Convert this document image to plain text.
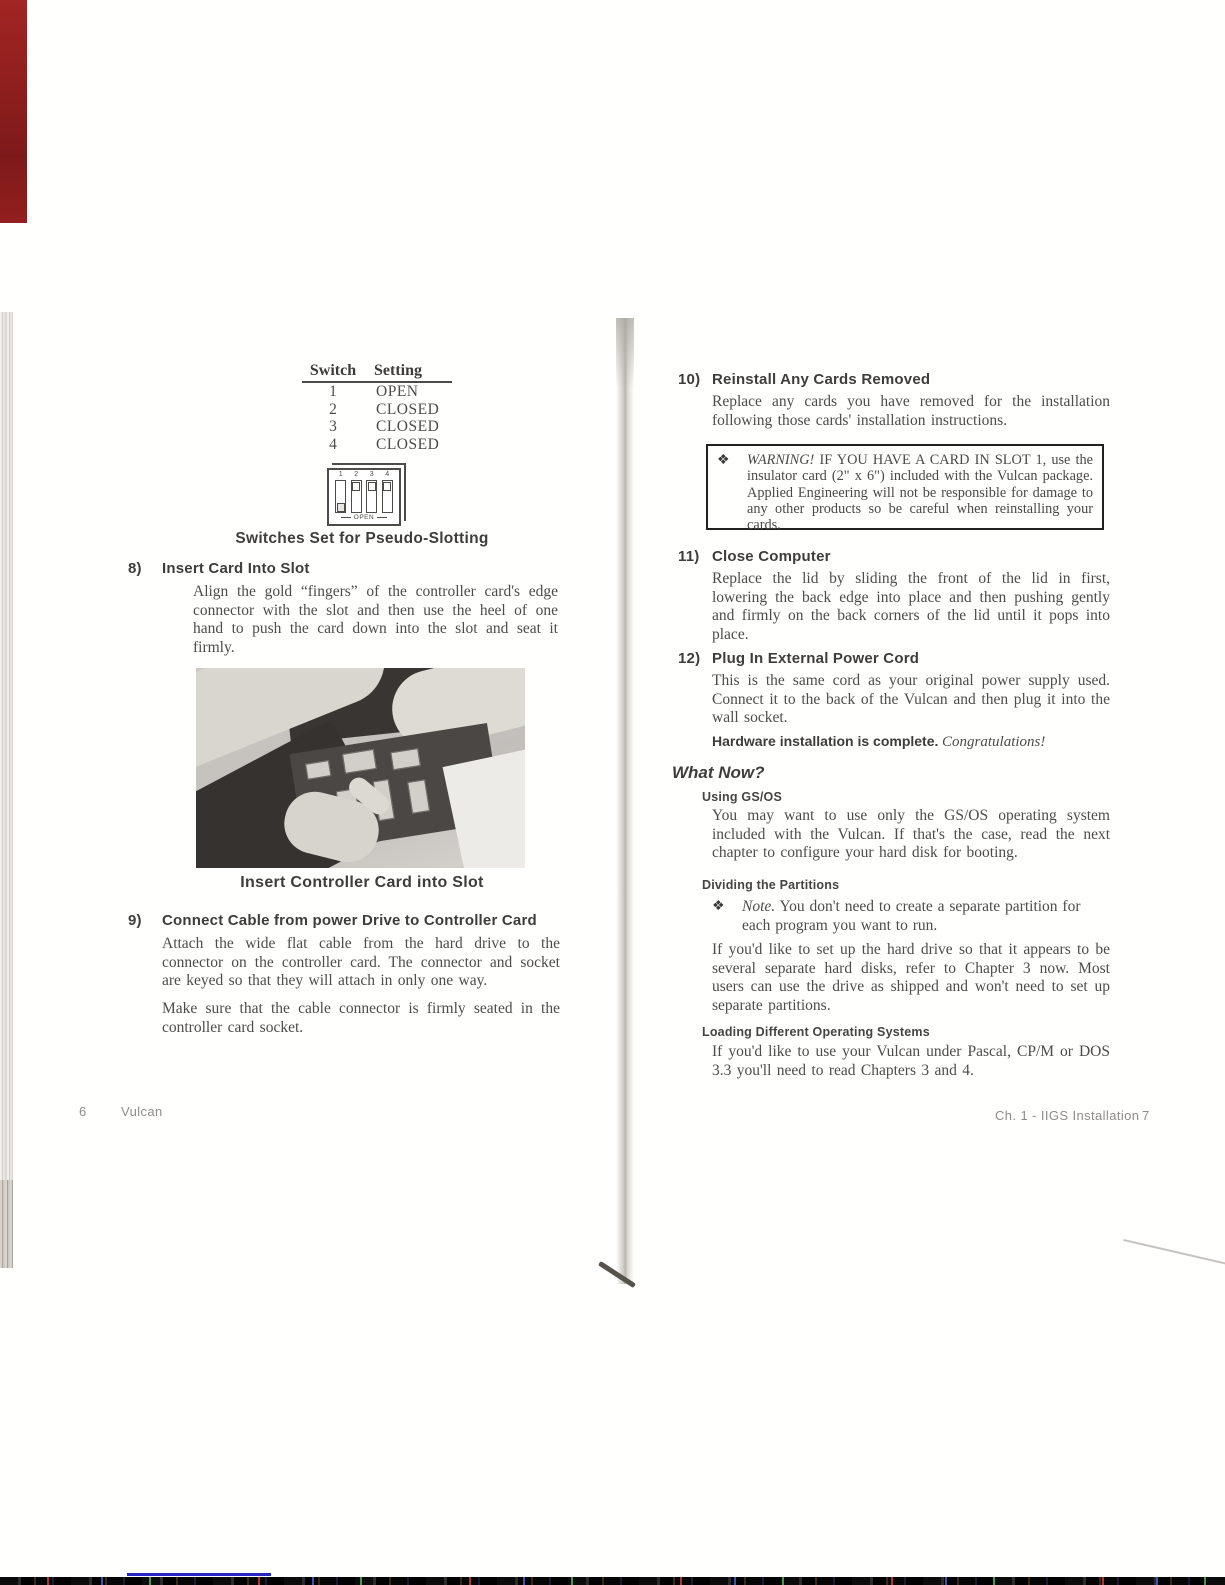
Switch	Setting
1	OPEN
2	CLOSED
3	CLOSED
4	CLOSED
1 2 3 4
OPEN
Switches Set for Pseudo-Slotting
8)	Insert Card Into Slot
Align the gold “fingers” of the controller card's edge connector with the slot and then use the heel of one hand to push the card down into the slot and seat it firmly.
Insert Controller Card into Slot
9)	Connect Cable from power Drive to Controller Card
Attach the wide flat cable from the hard drive to the connector on the controller card. The connector and socket are keyed so that they will attach in only one way.
Make sure that the cable connector is firmly seated in the controller card socket.
6	Vulcan
10) Reinstall Any Cards Removed
Replace any cards you have removed for the installation following those cards' installation instructions.
❖	WARNING! IF YOU HAVE A CARD IN SLOT 1, use the insulator card (2" x 6") included with the Vulcan package. Applied Engineering will not be responsible for damage to any other products so be careful when reinstalling your cards.
11) Close Computer
Replace the lid by sliding the front of the lid in first, lowering the back edge into place and then pushing gently and firmly on the back corners of the lid until it pops into place.
12) Plug In External Power Cord
This is the same cord as your original power supply used. Connect it to the back of the Vulcan and then plug it into the wall socket.
Hardware installation is complete. Congratulations!
What Now?
Using GS/OS
You may want to use only the GS/OS operating system included with the Vulcan. If that's the case, read the next chapter to configure your hard disk for booting.
Dividing the Partitions
❖	Note. You don't need to create a separate partition for each program you want to run.
If you'd like to set up the hard drive so that it appears to be several separate hard disks, refer to Chapter 3 now. Most users can use the drive as shipped and won't need to set up separate partitions.
Loading Different Operating Systems
If you'd like to use your Vulcan under Pascal, CP/M or DOS 3.3 you'll need to read Chapters 3 and 4.
Ch. 1 - IIGS Installation 7
